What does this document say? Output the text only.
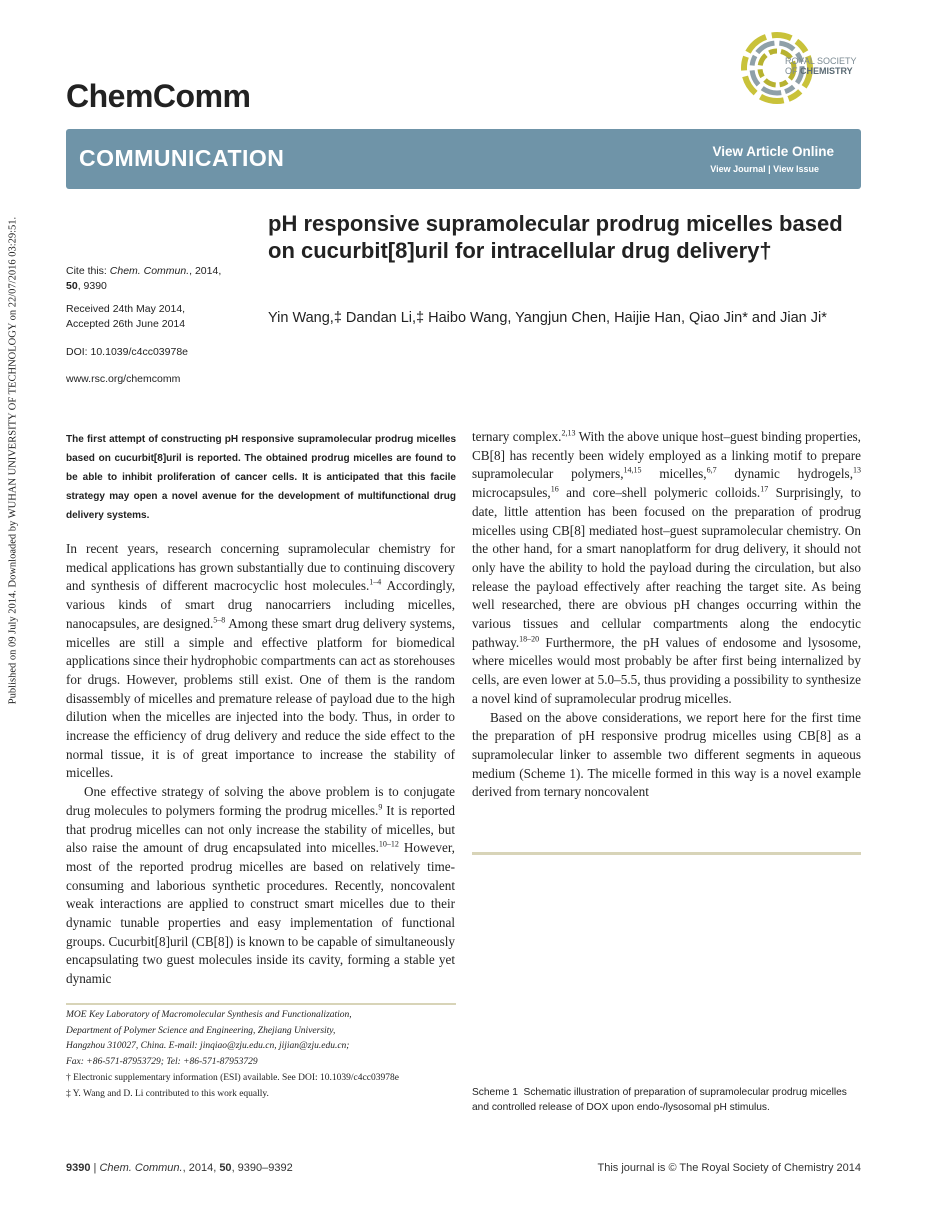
Published on 09 July 2014. Downloaded by WUHAN UNIVERSITY OF TECHNOLOGY on 22/07/2016 03:29:51.
ChemComm
ROYAL SOCIETY
OF CHEMISTRY
COMMUNICATION	View Article Online
View Journal | View Issue
Cite this: Chem. Commun., 2014,
50, 9390
Received 24th May 2014,
Accepted 26th June 2014
DOI: 10.1039/c4cc03978e
www.rsc.org/chemcomm
pH responsive supramolecular prodrug micelles based on cucurbit[8]uril for intracellular drug delivery†
Yin Wang,‡ Dandan Li,‡ Haibo Wang, Yangjun Chen, Haijie Han, Qiao Jin* and Jian Ji*
The first attempt of constructing pH responsive supramolecular prodrug micelles based on cucurbit[8]uril is reported. The obtained prodrug micelles are found to be able to inhibit proliferation of cancer cells. It is anticipated that this facile strategy may open a novel avenue for the development of multifunctional drug delivery systems.

In recent years, research concerning supramolecular chemistry for medical applications has grown substantially due to continuing discovery and synthesis of different macrocyclic host molecules.$^{1-4}$ Accordingly, various kinds of smart drug nanocarriers including micelles, nanocapsules, are designed.$^{5-8}$ Among these smart drug delivery systems, micelles are still a simple and effective platform for biomedical applications since their hydrophobic compartments can act as storehouses for drugs. However, problems still exist. One of them is the random disassembly of micelles and premature release of payload due to the high dilution when the micelles are injected into the body. Thus, in order to increase the efficiency of drug delivery and reduce the side effect to the normal tissue, it is of great importance to increase the stability of micelles.

One effective strategy of solving the above problem is to conjugate drug molecules to polymers forming the prodrug micelles.$^9$ It is reported that prodrug micelles can not only increase the stability of micelles, but also raise the amount of drug encapsulated into micelles.$^{10-12}$ However, most of the reported prodrug micelles are based on relatively time-consuming and laborious synthetic procedures. Recently, noncovalent weak interactions are applied to construct smart micelles due to their dynamic tunable properties and easy implementation of functional groups. Cucurbit[8]uril (CB[8]) is known to be capable of simultaneously encapsulating two guest molecules inside its cavity, forming a stable yet dynamic

ternary complex.$^{2,13}$ With the above unique host–guest binding properties, CB[8] has recently been widely employed as a linking motif to prepare supramolecular polymers,$^{14,15}$ micelles,$^{6,7}$ dynamic hydrogels,$^{13}$ microcapsules,$^{16}$ and core–shell polymeric colloids.$^{17}$ Surprisingly, to date, little attention has been focused on the preparation of prodrug micelles using CB[8] mediated host–guest supramolecular chemistry. On the other hand, for a smart nanoplatform for drug delivery, it should not only have the ability to hold the payload during the circulation, but also release the payload effectively after reaching the target site. As being well researched, there are obvious pH changes occurring within the various tissues and cellular compartments along the endocytic pathway.$^{18-20}$ Furthermore, the pH values of endosome and lysosome, where micelles would most probably be after first being internalized by cells, are even lower at 5.0–5.5, thus providing a possibility to synthesize a novel kind of supramolecular prodrug micelles.

Based on the above considerations, we report here for the first time the preparation of pH responsive prodrug micelles using CB[8] as a supramolecular linker to assemble two different segments in aqueous medium (Scheme 1). The micelle formed in this way is a novel example derived from ternary noncovalent

MOE Key Laboratory of Macromolecular Synthesis and Functionalization,
Department of Polymer Science and Engineering, Zhejiang University,
Hangzhou 310027, China. E-mail: jinqiao@zju.edu.cn, jijian@zju.edu.cn;
Fax: +86-571-87953729; Tel: +86-571-87953729
† Electronic supplementary information (ESI) available. See DOI: 10.1039/c4cc03978e
‡ Y. Wang and D. Li contributed to this work equally.	Scheme 1 Schematic illustration of preparation of supramolecular prodrug micelles and controlled release of DOX upon endo-/lysosomal pH stimulus.
9390 | Chem. Commun., 2014, 50, 9390–9392	This journal is © The Royal Society of Chemistry 2014
